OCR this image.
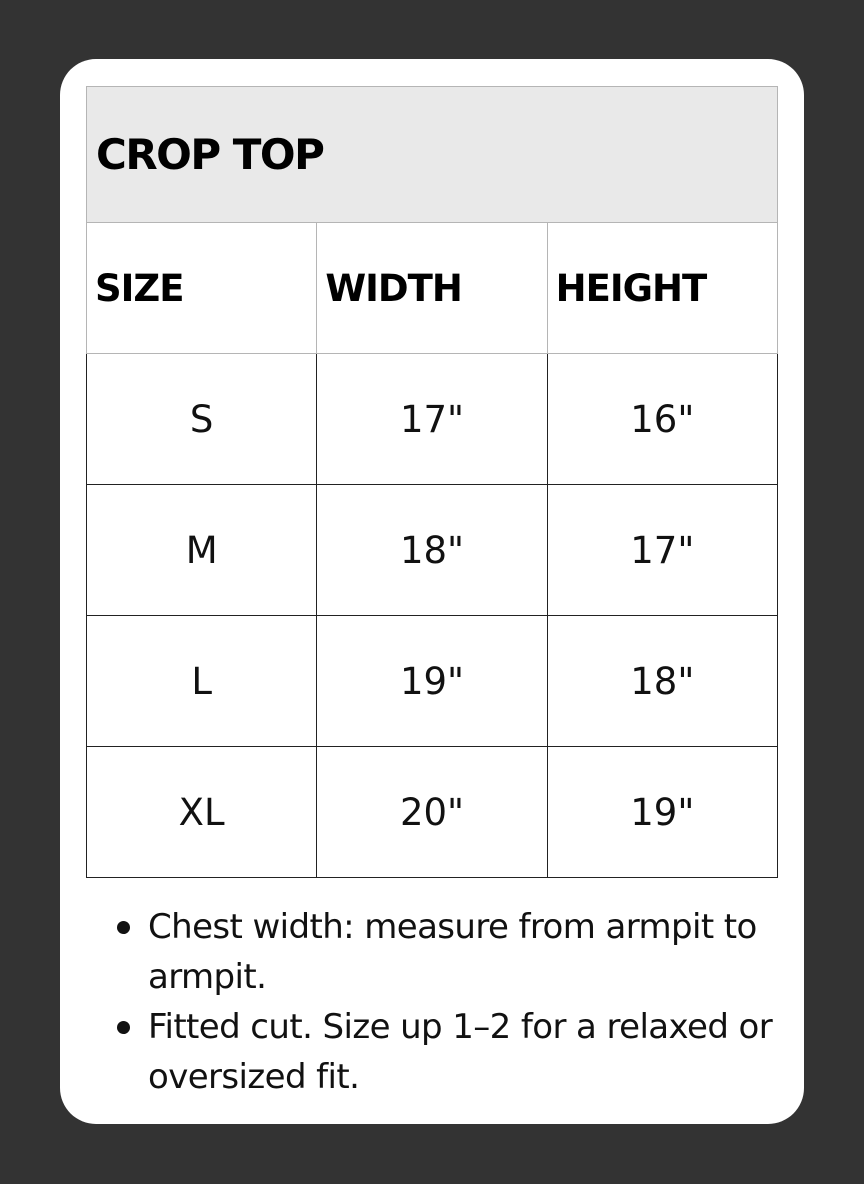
CROP TOP		
SIZE	WIDTH	HEIGHT
S	17"	16"
M	18"	17"
L	19"	18"
XL	20"	19"
Chest width: measure from armpit to armpit.
Fitted cut. Size up 1–2 for a relaxed or oversized fit.
